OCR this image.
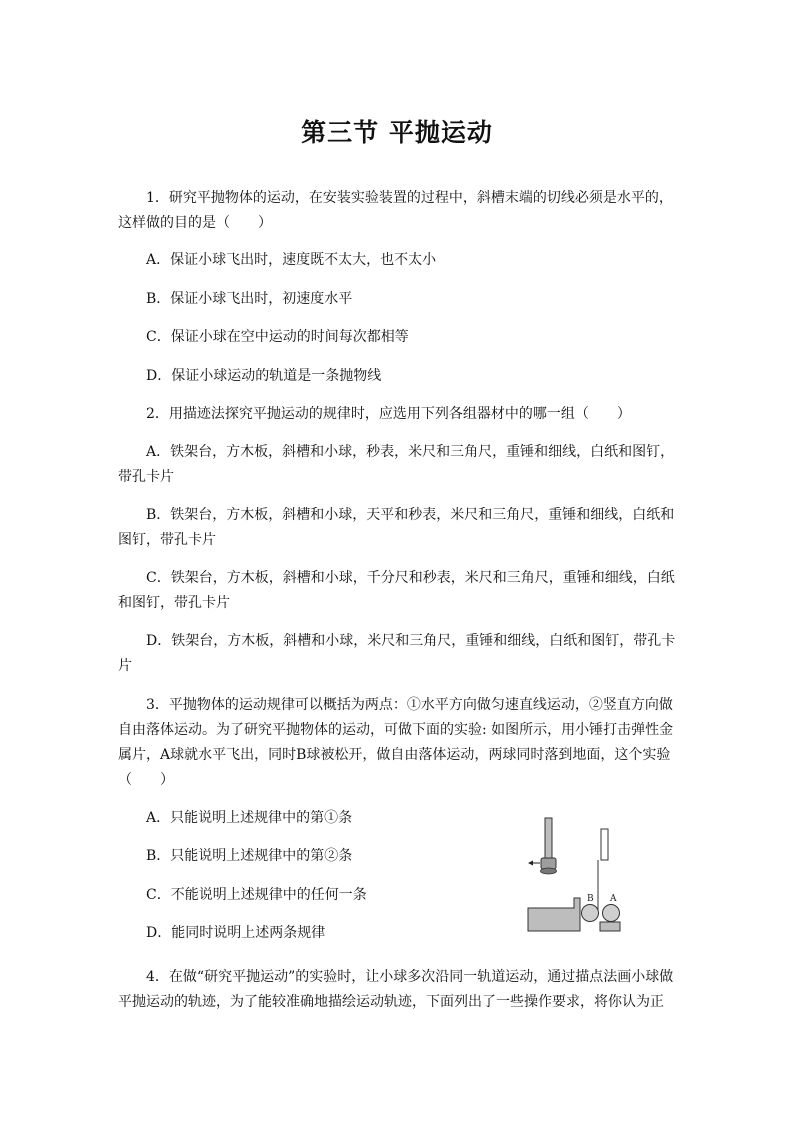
第三节 平抛运动

1．研究平抛物体的运动，在安装实验装置的过程中，斜槽末端的切线必须是水平的，这样做的目的是（　　）

A．保证小球飞出时，速度既不太大，也不太小
B．保证小球飞出时，初速度水平
C．保证小球在空中运动的时间每次都相等
D．保证小球运动的轨道是一条抛物线

2．用描迹法探究平抛运动的规律时，应选用下列各组器材中的哪一组（　　）

A．铁架台，方木板，斜槽和小球，秒表，米尺和三角尺，重锤和细线，白纸和图钉，带孔卡片

B．铁架台，方木板，斜槽和小球，天平和秒表，米尺和三角尺，重锤和细线，白纸和图钉，带孔卡片

C．铁架台，方木板，斜槽和小球，千分尺和秒表，米尺和三角尺，重锤和细线，白纸和图钉，带孔卡片

D．铁架台，方木板，斜槽和小球，米尺和三角尺，重锤和细线，白纸和图钉，带孔卡片

3．平抛物体的运动规律可以概括为两点：①水平方向做匀速直线运动，②竖直方向做自由落体运动。为了研究平抛物体的运动，可做下面的实验: 如图所示，用小锤打击弹性金属片，A球就水平飞出，同时B球被松开，做自由落体运动，两球同时落到地面，这个实验（　　）

A．只能说明上述规律中的第①条
B．只能说明上述规律中的第②条
C．不能说明上述规律中的任何一条
D．能同时说明上述两条规律
B A

4．在做“研究平抛运动”的实验时，让小球多次沿同一轨道运动，通过描点法画小球做平抛运动的轨迹，为了能较准确地描绘运动轨迹，下面列出了一些操作要求，将你认为正
